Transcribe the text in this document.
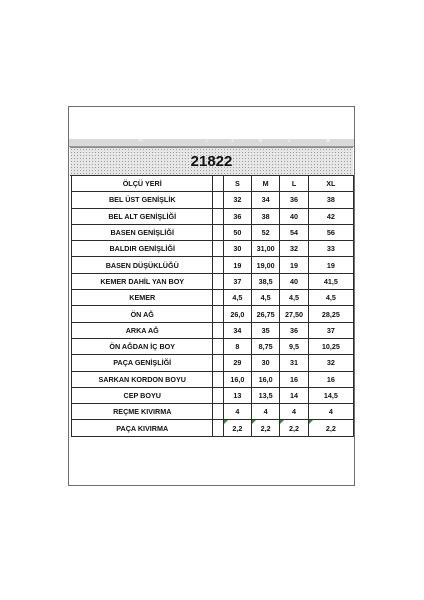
H	I	J	K	L	M
21822
ÖLÇÜ YERİ		S	M	L	XL
BEL ÜST GENİŞLİK		32	34	36	38
BEL ALT GENİŞLİĞİ		36	38	40	42
BASEN GENİŞLİĞİ		50	52	54	56
BALDIR GENİŞLİĞİ		30	31,00	32	33
BASEN DÜŞÜKLÜĞÜ		19	19,00	19	19
KEMER DAHİL YAN BOY		37	38,5	40	41,5
KEMER		4,5	4,5	4,5	4,5
ÖN AĞ		26,0	26,75	27,50	28,25
ARKA AĞ		34	35	36	37
ÖN AĞDAN İÇ BOY		8	8,75	9,5	10,25
PAÇA GENİŞLİĞİ		29	30	31	32
SARKAN KORDON BOYU		16,0	16,0	16	16
CEP BOYU		13	13,5	14	14,5
REÇME KIVIRMA		4	4	4	4
PAÇA KIVIRMA		2,2	2,2	2,2	2,2
